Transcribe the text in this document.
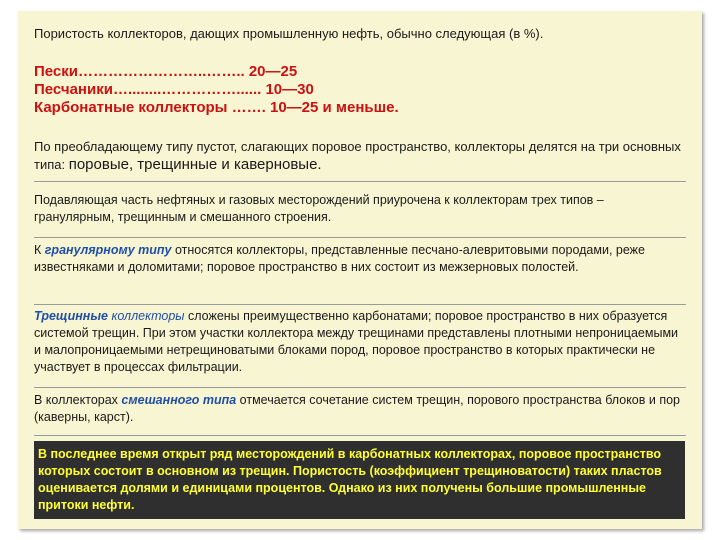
Пористость коллекторов, дающих промышленную нефть, обычно следующая (в %).
Пески……………………..…….. 20—25
Песчаники…........……………...... 10—30
Карбонатные коллекторы ……. 10—25 и меньше.
По преобладающему типу пустот, слагающих поровое пространство, коллекторы делятся на три основных типа: поровые, трещинные и каверновые.
Подавляющая часть нефтяных и газовых месторождений приурочена к коллекторам трех типов – гранулярным, трещинным и смешанного строения.
К гранулярному типу относятся коллекторы, представленные песчано-алевритовыми породами, реже известняками и доломитами; поровое пространство в них состоит из межзерновых полостей.
Трещинные коллекторы сложены преимущественно карбонатами; поровое пространство в них образуется системой трещин. При этом участки коллектора между трещинами представлены плотными непроницаемыми и малопроницаемыми нетрещиноватыми блоками пород, поровое пространство в которых практически не участвует в процессах фильтрации.
В коллекторах смешанного типа отмечается сочетание систем трещин, порового пространства блоков и пор (каверны, карст).
В последнее время открыт ряд месторождений в карбонатных коллекторах, поровое пространство которых состоит в основном из трещин. Пористость (коэффициент трещиноватости) таких пластов оценивается долями и единицами процентов. Однако из них получены большие промышленные притоки нефти.
